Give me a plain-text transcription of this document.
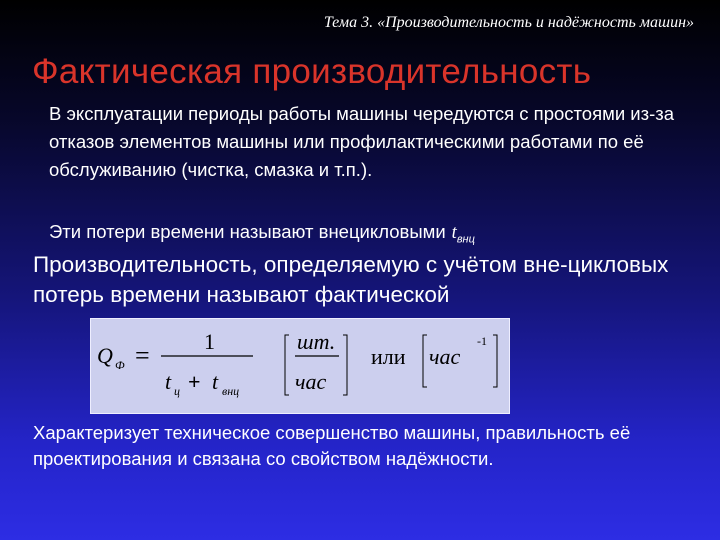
Тема 3. «Производительность и надёжность машин»
Фактическая производительность
В эксплуатации периоды работы машины чередуются с простоями из-за отказов элементов машины или профилактическими работами по её обслуживанию (чистка, смазка и т.п.).
Эти потери времени называют внецикловыми $t_{внц}$
Производительность, определяемую с учётом вне-цикловых потерь времени называют фактической
Q Ф = 1
t ц + t внц
шт.
час
или час
-1
Характеризует техническое совершенство машины, правильность её проектирования и связана со свойством надёжности.
